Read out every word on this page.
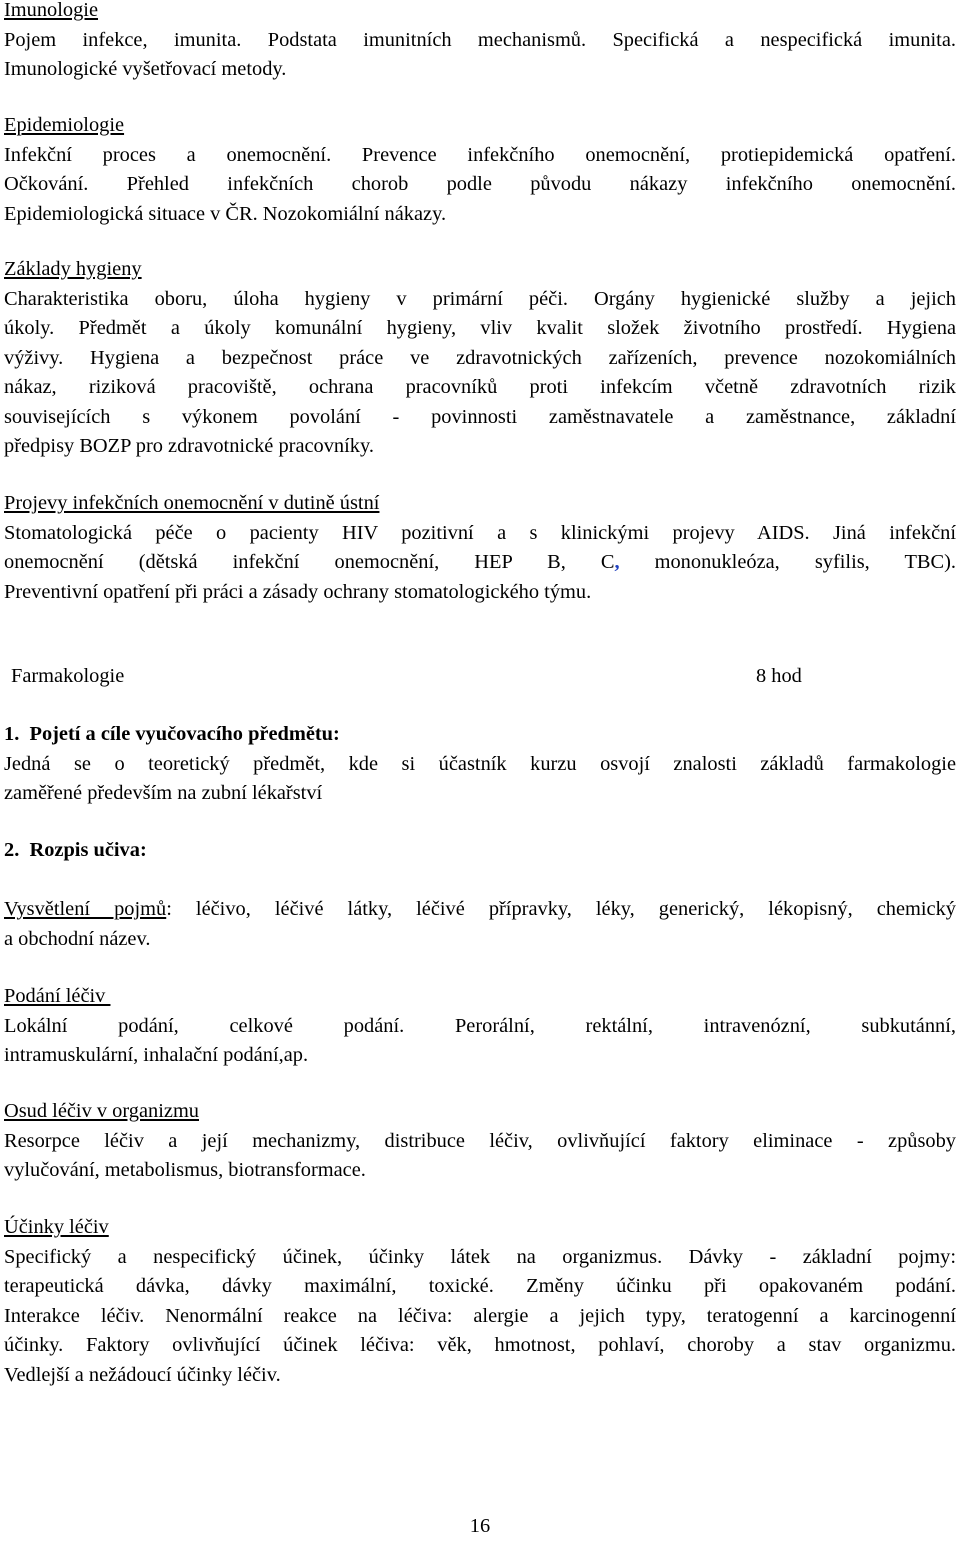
Imunologie
Pojem infekce, imunita. Podstata imunitních mechanismů. Specifická a nespecifická imunita.
Imunologické vyšetřovací metody.
Epidemiologie
Infekční proces a onemocnění. Prevence infekčního onemocnění, protiepidemická opatření.
Očkování. Přehled infekčních chorob podle původu nákazy infekčního onemocnění.
Epidemiologická situace v ČR. Nozokomiální nákazy.
Základy hygieny
Charakteristika oboru, úloha hygieny v primární péči. Orgány hygienické služby a jejich
úkoly. Předmět a úkoly komunální hygieny, vliv kvalit složek životního prostředí. Hygiena
výživy. Hygiena a bezpečnost práce ve zdravotnických zařízeních, prevence nozokomiálních
nákaz, riziková pracoviště, ochrana pracovníků proti infekcím včetně zdravotních rizik
souvisejících s výkonem povolání - povinnosti zaměstnavatele a zaměstnance, základní
předpisy BOZP pro zdravotnické pracovníky.
Projevy infekčních onemocnění v dutině ústní
Stomatologická péče o pacienty HIV pozitivní a s klinickými projevy AIDS. Jiná infekční
onemocnění (dětská infekční onemocnění, HEP B, C, mononukleóza, syfilis, TBC).
Preventivní opatření při práci a zásady ochrany stomatologického týmu.
Farmakologie	8 hod
1.  Pojetí a cíle vyučovacího předmětu:
Jedná se o teoretický předmět, kde si účastník kurzu osvojí znalosti základů farmakologie
zaměřené především na zubní lékařství
2.  Rozpis učiva:
Vysvětlení pojmů: léčivo, léčivé látky, léčivé přípravky, léky, generický, lékopisný, chemický
a obchodní název.
Podání léčiv
Lokální podání, celkové podání. Perorální, rektální, intravenózní, subkutánní,
intramuskulární, inhalační podání,ap.
Osud léčiv v organizmu
Resorpce léčiv a její mechanizmy, distribuce léčiv, ovlivňující faktory eliminace - způsoby
vylučování, metabolismus, biotransformace.
Účinky léčiv
Specifický a nespecifický účinek, účinky látek na organizmus. Dávky - základní pojmy:
terapeutická dávka, dávky maximální, toxické. Změny účinku při opakovaném podání.
Interakce léčiv. Nenormální reakce na léčiva: alergie a jejich typy, teratogenní a karcinogenní
účinky. Faktory ovlivňující účinek léčiva: věk, hmotnost, pohlaví, choroby a stav organizmu.
Vedlejší a nežádoucí účinky léčiv.
16
